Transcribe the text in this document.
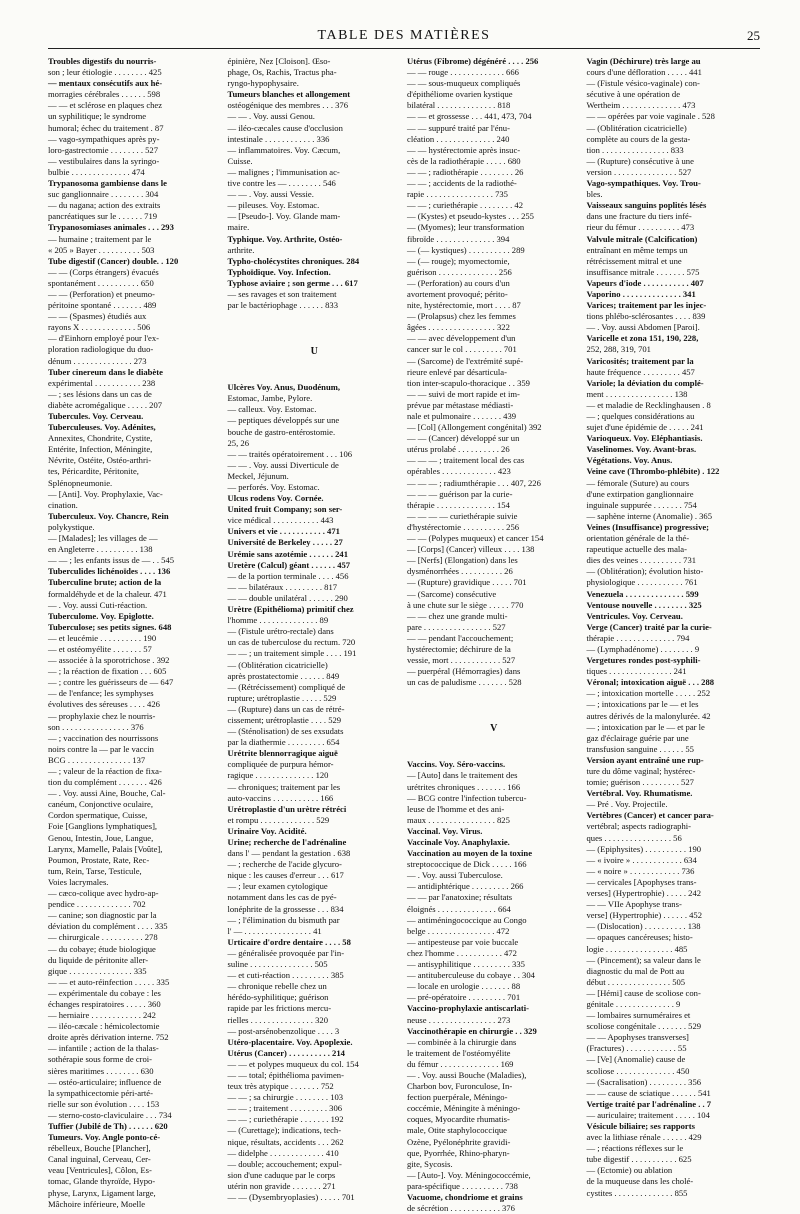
TABLE DES MATIÈRES	25
Troubles digestifs du nourris-
son ; leur étiologie . . . . . . . . 425
— mentaux consécutifs aux hé-
morragies cérébrales . . . . . . 598
— — et sclérose en plaques chez
un syphilitique; le syndrome
humoral; échec du traitement . 87
— vago-sympathiques après py-
loro-gastrectomie . . . . . . . . 527
— vestibulaires dans la syringo-
bulbie . . . . . . . . . . . . . . 474
Trypanosoma gambiense dans le
suc ganglionnaire . . . . . . . . 304
— du nagana; action des extraits
pancréatiques sur le . . . . . . 719
Trypanosomiases animales . . . 293
— humaine ; traitement par le
« 205 » Bayer . . . . . . . . . . 503
Tube digestif (Cancer) double. . 120
— — (Corps étrangers) évacués
spontanément . . . . . . . . . . 650
— — (Perforation) et pneumo-
péritoine spontané . . . . . . . 489
— — (Spasmes) étudiés aux
rayons X . . . . . . . . . . . . . 506
— d'Einhorn employé pour l'ex-
ploration radiologique du duo-
dénum . . . . . . . . . . . . . . 273
Tuber cinereum dans le diabète
expérimental . . . . . . . . . . . 238
— ; ses lésions dans un cas de
diabète acromégalique . . . . . 207
Tubercules. Voy. Cerveau.
Tuberculeuses. Voy. Adénites,
Annexites, Chondrite, Cystite,
Entérite, Infection, Méningite,
Névrite, Ostéite, Ostéo-arthri-
tes, Péricardite, Péritonite,
Splénopneumonie.
— [Anti]. Voy. Prophylaxie, Vac-
cination.
Tuberculeux. Voy. Chancre, Rein
polykystique.
— [Malades]; les villages de —
en Angleterre . . . . . . . . . . 138
— — ; les enfants issus de — . . 545
Tuberculides lichénoïdes . . . . 136
Tuberculine brute; action de la
formaldéhyde et de la chaleur. 471
— . Voy. aussi Cuti-réaction.
Tuberculome. Voy. Epiglotte.
Tuberculose; ses petits signes. 648
— et leucémie . . . . . . . . . . 190
— et ostéomyélite . . . . . . . 57
— associée à la sporotrichose . 392
— ; la réaction de fixation . . . 605
— ; contre les guérisseurs de — 647
— de l'enfance; les symphyses
évolutives des séreuses . . . . 426
— prophylaxie chez le nourris-
son . . . . . . . . . . . . . . . . 376
— ; vaccination des nourrissons
noirs contre la — par le vaccin
BCG . . . . . . . . . . . . . . . 137
— ; valeur de la réaction de fixa-
tion du complément . . . . . . . 426
— . Voy. aussi Aine, Bouche, Cal-
canéum, Conjonctive oculaire,
Cordon spermatique, Cuisse,
Foie [Ganglions lymphatiques],
Genou, Intestin, Joue, Langue,
Larynx, Mamelle, Palais [Voûte],
Poumon, Prostate, Rate, Rec-
tum, Rein, Tarse, Testicule,
Voies lacrymales.
— cæco-colique avec hydro-ap-
pendice . . . . . . . . . . . . . 702
— canine; son diagnostic par la
déviation du complément . . . . 335
— chirurgicale . . . . . . . . . . 278
— du cobaye; étude biologique
du liquide de péritonite aller-
gique . . . . . . . . . . . . . . . 335
— — et auto-réinfection . . . . . 335
— expérimentale du cobaye : les
échanges respiratoires . . . . . 360
— herniaire . . . . . . . . . . . . 242
— iléo-cæcale : hémicolectomie
droite après dérivation interne. 752
— infantile ; action de la thalas-
sothérapie sous forme de croi-
sières maritimes . . . . . . . . 630
— ostéo-articulaire; influence de
la sympathicectomie péri-arté-
rielle sur son évolution . . . . 153
— sterno-costo-claviculaire . . . 734
Tuffier (Jubilé de Th) . . . . . . 620
Tumeurs. Voy. Angle ponto-cé-
rébelleux, Bouche [Plancher],
Canal inguinal, Cerveau, Cer-
veau [Ventricules], Côlon, Es-
tomac, Glande thyroïde, Hypo-
physe, Larynx, Ligament large,
Mâchoire inférieure, Moelle
épinière, Nez [Cloison]. Œso-
phage, Os, Rachis, Tractus pha-
ryngo-hypophysaire.
Tumeurs blanches et allongement
ostéogénique des membres . . . 376
— — . Voy. aussi Genou.
— iléo-cæcales cause d'occlusion
intestinale . . . . . . . . . . . . 336
— inflammatoires. Voy. Cæcum,
Cuisse.
— malignes ; l'immunisation ac-
tive contre les — . . . . . . . . 546
— — . Voy. aussi Vessie.
— pileuses. Voy. Estomac.
— [Pseudo-]. Voy. Glande mam-
maire.
Typhique. Voy. Arthrite, Ostéo-
arthrite.
Typho-cholécystites chroniques. 284
Typhoïdique. Voy. Infection.
Typhose aviaire ; son germe . . . 617
— ses ravages et son traitement
par le bactériophage . . . . . . 833
U
Ulcères Voy. Anus, Duodénum,
Estomac, Jambe, Pylore.
— calleux. Voy. Estomac.
— peptiques développés sur une
bouche de gastro-entérostomie.
25, 26
— — traités opératoirement . . . 106
— — . Voy. aussi Diverticule de
Meckel, Jéjunum.
— perforés. Voy. Estomac.
Ulcus rodens Voy. Cornée.
United fruit Company; son ser-
vice médical . . . . . . . . . . . 443
Univers et vie . . . . . . . . . . . 471
Université de Berkeley . . . . . 27
Urémie sans azotémie . . . . . . 241
Uretère (Calcul) géant . . . . . . 457
— de la portion terminale . . . . 456
— — bilatéraux . . . . . . . . . 817
— — double unilatéral . . . . . . 290
Urètre (Epithélioma) primitif chez
l'homme . . . . . . . . . . . . . . 89
— (Fistule urétro-rectale) dans
un cas de tuberculose du rectum. 720
— — ; un traitement simple . . . . 191
— (Oblitération cicatricielle)
après prostatectomie . . . . . . 849
— (Rétrécissement) compliqué de
rupture; urétroplastie . . . . . 529
— (Rupture) dans un cas de rétré-
cissement; urétroplastie . . . . 529
— (Sténolisation) de ses exsudats
par la diathermie . . . . . . . . . 654
Urétrite blennorragique aiguë
compliquée de purpura hémor-
ragique . . . . . . . . . . . . . . 120
— chroniques; traitement par les
auto-vaccins . . . . . . . . . . . 166
Urétroplastie d'un urètre rétréci
et rompu . . . . . . . . . . . . . 529
Urinaire Voy. Acidité.
Urine; recherche de l'adrénaline
dans l' — pendant la gestation . 638
— ; recherche de l'acide glycuro-
nique : les causes d'erreur . . . 617
— ; leur examen cytologique
notamment dans les cas de pyé-
lonéphrite de la grossesse . . . 834
— ; l'élimination du bismuth par
l' — . . . . . . . . . . . . . . . . 41
Urticaire d'ordre dentaire . . . . 58
— généralisée provoquée par l'in-
suline . . . . . . . . . . . . . . . 505
— et cuti-réaction . . . . . . . . . 385
— chronique rebelle chez un
hérédo-syphilitique; guérison
rapide par les frictions mercu-
rielles . . . . . . . . . . . . . . . 320
— post-arsénobenzolique . . . . 3
Utéro-placentaire. Voy. Apoplexie.
Utérus (Cancer) . . . . . . . . . . 214
— — et polypes muqueux du col. 154
— — total; épithélioma pavimen-
teux très atypique . . . . . . . 752
— — ; sa chirurgie . . . . . . . . 103
— — ; traitement . . . . . . . . . 306
— — ; curiethérapie . . . . . . . 192
— (Curettage); indications, tech-
nique, résultats, accidents . . . 262
— didelphe . . . . . . . . . . . . . 410
— double; accouchement; expul-
sion d'une caduque par le corps
utérin non gravide . . . . . . . 271
— — (Dysembryoplasies) . . . . . 701
Utérus (Fibrome) dégénéré . . . . 256
— — rouge . . . . . . . . . . . . . 666
— — sous-muqueux compliqués
d'épithéliome ovarien kystique
bilatéral . . . . . . . . . . . . . . 818
— — et grossesse . . . 441, 473, 704
— — suppuré traité par l'énu-
cléation . . . . . . . . . . . . . . 240
— — hystérectomie après insuc-
cès de la radiothérapie . . . . . 680
— — ; radiothérapie . . . . . . . . 26
— — ; accidents de la radiothé-
rapie . . . . . . . . . . . . . . . . 735
— — ; curiethérapie . . . . . . . . 42
— (Kystes) et pseudo-kystes . . . 255
— (Myomes); leur transformation
fibroïde . . . . . . . . . . . . . . 394
— (— kystiques) . . . . . . . . . . 289
— (— rouge); myomectomie,
guérison . . . . . . . . . . . . . . 256
— (Perforation) au cours d'un
avortement provoqué; périto-
nite, hystérectomie, mort . . . . 87
— (Prolapsus) chez les femmes
âgées . . . . . . . . . . . . . . . . 322
— — avec développement d'un
cancer sur le col . . . . . . . . . 701
— (Sarcome) de l'extrémité supé-
rieure enlevé par désarticula-
tion inter-scapulo-thoracique . . 359
— — suivi de mort rapide et im-
prévue par métastase médiasti-
nale et pulmonaire . . . . . . . 439
— [Col] (Allongement congénital) 392
— — (Cancer) développé sur un
utérus prolabé . . . . . . . . . . 26
— — — ; traitement local des cas
opérables . . . . . . . . . . . . . 423
— — — ; radiumthérapie . . . 407, 226
— — — guérison par la curie-
thérapie . . . . . . . . . . . . . . 154
— — — — curiethérapie suivie
d'hystérectomie . . . . . . . . . . 256
— — (Polypes muqueux) et cancer 154
— [Corps] (Cancer) villeux . . . . 138
— [Nerfs] (Elongation) dans les
dysménorrhées . . . . . . . . . . 26
— (Rupture) gravidique . . . . . 701
— (Sarcome) consécutive
à une chute sur le siège . . . . . 770
— — chez une grande multi-
pare . . . . . . . . . . . . . . . . 527
— — pendant l'accouchement;
hystérectomie; déchirure de la
vessie, mort . . . . . . . . . . . . 527
— puerpéral (Hémorragies) dans
un cas de paludisme . . . . . . . 528
V
Vaccins. Voy. Séro-vaccins.
— [Auto] dans le traitement des
urétrites chroniques . . . . . . . 166
— BCG contre l'infection tubercu-
leuse de l'homme et des ani-
maux . . . . . . . . . . . . . . . . 825
Vaccinal. Voy. Virus.
Vaccinale Voy. Anaphylaxie.
Vaccination au moyen de la toxine
streptococcique de Dick . . . . . 166
— . Voy. aussi Tuberculose.
— antidiphtérique . . . . . . . . . 266
— — par l'anatoxine; résultats
éloignés . . . . . . . . . . . . . . 664
— antiméningococcique au Congo
belge . . . . . . . . . . . . . . . . 472
— antipesteuse par voie buccale
chez l'homme . . . . . . . . . . . 472
— antisyphilitique . . . . . . . . . 335
— antituberculeuse du cobaye . . 304
— locale en urologie . . . . . . . 88
— pré-opératoire . . . . . . . . . 701
Vaccino-prophylaxie antiscarlati-
neuse . . . . . . . . . . . . . . . . 273
Vaccinothérapie en chirurgie . . 329
— combinée à la chirurgie dans
le traitement de l'ostéomyélite
du fémur . . . . . . . . . . . . . . 169
— . Voy. aussi Bouche (Maladies),
Charbon bov, Furonculose, In-
fection puerpérale, Méningo-
coccémie, Méningite à méningo-
coques, Myocardite rhumatis-
male, Otite staphylococcique
Ozène, Pyélonéphrite gravidi-
que, Pyorrhée, Rhino-pharyn-
gite, Sycosis.
— [Auto-]. Voy. Méningococcémie,
para-spécifique . . . . . . . . . . 738
Vacuome, chondriome et grains
de sécrétion . . . . . . . . . . . . 376
Vagin (Déchirure) très large au
cours d'une défloration . . . . . 441
— (Fistule vésico-vaginale) con-
sécutive à une opération de
Wertheim . . . . . . . . . . . . . . 473
— — opérées par voie vaginale . 528
— (Oblitération cicatricielle)
complète au cours de la gesta-
tion . . . . . . . . . . . . . . . . 833
— (Rupture) consécutive à une
version . . . . . . . . . . . . . . . 527
Vago-sympathiques. Voy. Trou-
bles.
Vaisseaux sanguins poplités lésés
dans une fracture du tiers infé-
rieur du fémur . . . . . . . . . . 473
Valvule mitrale (Calcification)
entraînant en même temps un
rétrécissement mitral et une
insuffisance mitrale . . . . . . . 575
Vapeurs d'iode . . . . . . . . . . . 407
Vaporino . . . . . . . . . . . . . . 341
Varices; traitement par les injec-
tions phlébo-sclérosantes . . . . 839
— . Voy. aussi Abdomen [Paroi].
Varicelle et zona 151, 190, 228,
252, 288, 319, 701
Varicosités; traitement par la
haute fréquence . . . . . . . . . 457
Variole; la déviation du complé-
ment . . . . . . . . . . . . . . . . 138
— et maladie de Recklinghausen . 8
— ; quelques considérations au
sujet d'une épidémie de . . . . . 241
Varioqueux. Voy. Eléphantiasis.
Vaselinomes. Voy. Avant-bras.
Végétations. Voy. Anus.
Veine cave (Thrombo-phlébite) . 122
— fémorale (Suture) au cours
d'une extirpation ganglionnaire
inguinale suppurée . . . . . . . 754
— saphène interne (Anomalie) . 365
Veines (Insuffisance) progressive;
orientation générale de la thé-
rapeutique actuelle des mala-
dies des veines . . . . . . . . . . 731
— (Oblitération); évolution histo-
physiologique . . . . . . . . . . . 761
Venezuela . . . . . . . . . . . . . . 599
Ventouse nouvelle . . . . . . . . 325
Ventricules. Voy. Cerveau.
Verge (Cancer) traité par la curie-
thérapie . . . . . . . . . . . . . . 794
— (Lymphadénome) . . . . . . . . 9
Vergetures rondes post-syphili-
tiques . . . . . . . . . . . . . . . 241
Véronal; intoxication aiguë . . . 288
— ; intoxication mortelle . . . . . 252
— ; intoxications par le — et les
autres dérivés de la malonylurée. 42
— ; intoxication par le — et par le
gaz d'éclairage guérie par une
transfusion sanguine . . . . . . 55
Version ayant entraîné une rup-
ture du dôme vaginal; hystérec-
tomie; guérison . . . . . . . . . 527
Vertébral. Voy. Rhumatisme.
— Pré . Voy. Projectile.
Vertèbres (Cancer) et cancer para-
vertébral; aspects radiographi-
ques . . . . . . . . . . . . . . . . 56
— (Epiphysites) . . . . . . . . . . 190
— « ivoire » . . . . . . . . . . . . 634
— « noire » . . . . . . . . . . . . 736
— cervicales [Apophyses trans-
verses] (Hypertrophie) . . . . . 242
— — VIIe Apophyse trans-
verse] (Hypertrophie) . . . . . . 452
— (Dislocation) . . . . . . . . . . 138
— opaques cancéreuses; histo-
logie . . . . . . . . . . . . . . . . 485
— (Pincement); sa valeur dans le
diagnostic du mal de Pott au
début . . . . . . . . . . . . . . . 505
— [Hémi] cause de scoliose con-
génitale . . . . . . . . . . . . . . 9
— lombaires surnuméraires et
scoliose congénitale . . . . . . . 529
— — Apophyses transverses]
(Fractures) . . . . . . . . . . . . 55
— [Ve] (Anomalie) cause de
scoliose . . . . . . . . . . . . . . 450
— (Sacralisation) . . . . . . . . . 356
— — cause de sciatique . . . . . . 541
Vertige traité par l'adrénaline . . 7
— auriculaire; traitement . . . . . 104
Vésicule biliaire; ses rapports
avec la lithiase rénale . . . . . . 429
— ; réactions réflexes sur le
tube digestif . . . . . . . . . . . 625
— (Ectomie) ou ablation
de la muqueuse dans les cholé-
cystites . . . . . . . . . . . . . . 855
